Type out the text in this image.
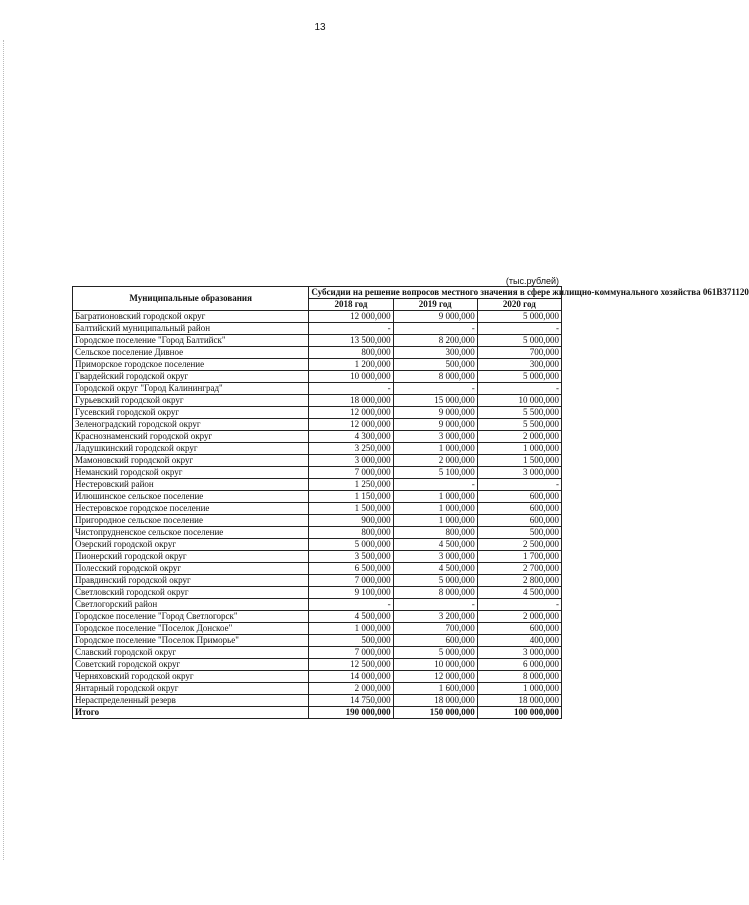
13
(тыс.рублей)
Муниципальные образования	Субсидии на решение вопросов местного значения в сфере жилищно-коммунального хозяйства 061В371120		
	2018 год	2019 год	2020 год
Багратионовский городской округ	12 000,000	9 000,000	5 000,000
Балтийский муниципальный район	-	-	-
Городское поселение "Город Балтийск"	13 500,000	8 200,000	5 000,000
Сельское поселение Дивное	800,000	300,000	700,000
Приморское городское поселение	1 200,000	500,000	300,000
Гвардейский городской округ	10 000,000	8 000,000	5 000,000
Городской округ "Город Калининград"	-	-	-
Гурьевский городской округ	18 000,000	15 000,000	10 000,000
Гусевский городской округ	12 000,000	9 000,000	5 500,000
Зеленоградский городской округ	12 000,000	9 000,000	5 500,000
Краснознаменский городской округ	4 300,000	3 000,000	2 000,000
Ладушкинский городской округ	3 250,000	1 000,000	1 000,000
Мамоновский городской округ	3 000,000	2 000,000	1 500,000
Неманский городской округ	7 000,000	5 100,000	3 000,000
Нестеровский район	1 250,000	-	-
Илюшинское сельское поселение	1 150,000	1 000,000	600,000
Нестеровское городское поселение	1 500,000	1 000,000	600,000
Пригородное сельское поселение	900,000	1 000,000	600,000
Чистопрудненское сельское поселение	800,000	800,000	500,000
Озерский городской округ	5 000,000	4 500,000	2 500,000
Пионерский городской округ	3 500,000	3 000,000	1 700,000
Полесский городской округ	6 500,000	4 500,000	2 700,000
Правдинский городской округ	7 000,000	5 000,000	2 800,000
Светловский городской округ	9 100,000	8 000,000	4 500,000
Светлогорский район	-	-	-
Городское поселение "Город Светлогорск"	4 500,000	3 200,000	2 000,000
Городское поселение "Поселок Донское"	1 000,000	700,000	600,000
Городское поселение "Поселок Приморье"	500,000	600,000	400,000
Славский городской округ	7 000,000	5 000,000	3 000,000
Советский городской округ	12 500,000	10 000,000	6 000,000
Черняховский городской округ	14 000,000	12 000,000	8 000,000
Янтарный городской округ	2 000,000	1 600,000	1 000,000
Нераспределенный резерв	14 750,000	18 000,000	18 000,000
Итого	190 000,000	150 000,000	100 000,000
